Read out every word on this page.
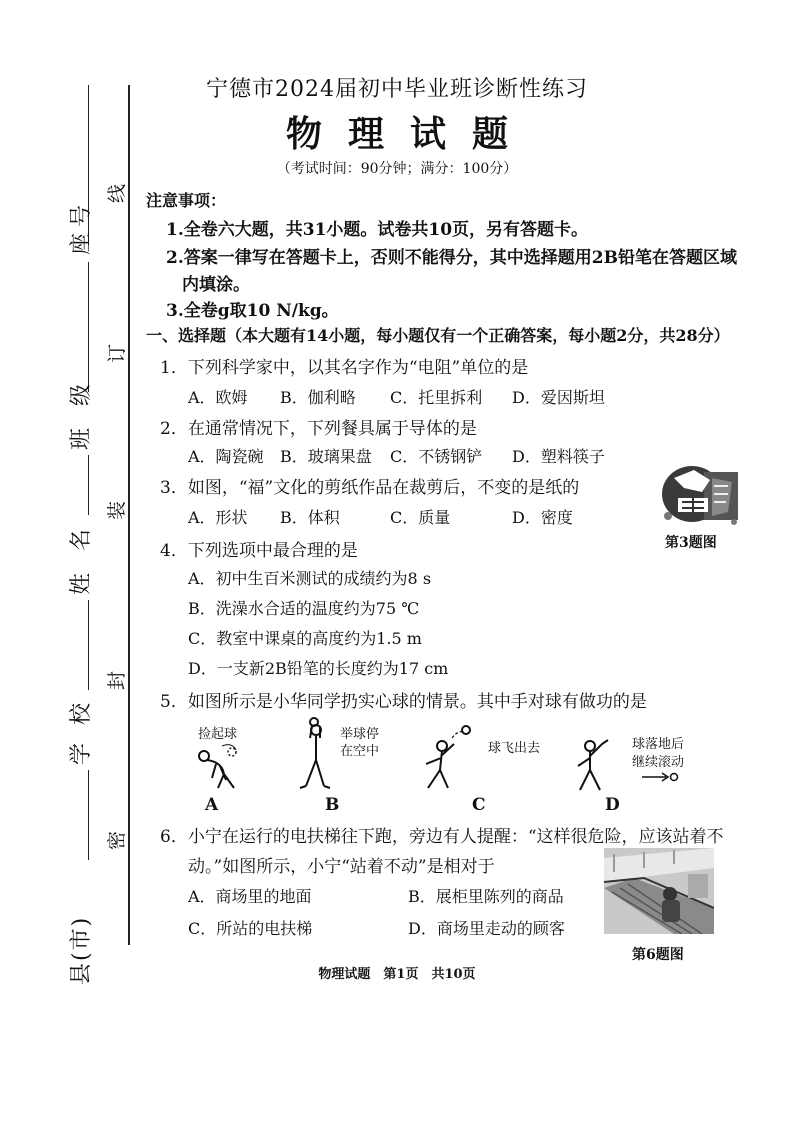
县(市)
学校
姓名
班级
座号
密
封
装
订
线
宁德市2024届初中毕业班诊断性练习
物理试题
（考试时间：90分钟；满分：100分）
注意事项：
1.全卷六大题，共31小题。试卷共10页，另有答题卡。
2.答案一律写在答题卡上，否则不能得分，其中选择题用2B铅笔在答题区域
内填涂。
3.全卷g取10 N/kg。
一、选择题（本大题有14小题，每小题仅有一个正确答案，每小题2分，共28分）
1．下列科学家中，以其名字作为“电阻”单位的是
A．欧姆 B．伽利略 C．托里拆利 D．爱因斯坦
2．在通常情况下，下列餐具属于导体的是
A．陶瓷碗 B．玻璃果盘 C．不锈钢铲 D．塑料筷子
3．如图，“福”文化的剪纸作品在裁剪后，不变的是纸的
A．形状 B．体积	C．质量	D．密度
第3题图
4．下列选项中最合理的是
A．初中生百米测试的成绩约为8 s
B．洗澡水合适的温度约为75 ℃
C．教室中课桌的高度约为1.5 m
D．一支新2B铅笔的长度约为17 cm
5．如图所示是小华同学扔实心球的情景。其中手对球有做功的是
捡起球
A
举球停
在空中
B
球飞出去
C
球落地后
继续滚动
D
6．小宁在运行的电扶梯往下跑，旁边有人提醒：“这样很危险，应该站着不
动。”如图所示，小宁“站着不动”是相对于
A．商场里的地面	B．展柜里陈列的商品
C．所站的电扶梯	D．商场里走动的顾客
第6题图
物理试题　第1页　共10页
